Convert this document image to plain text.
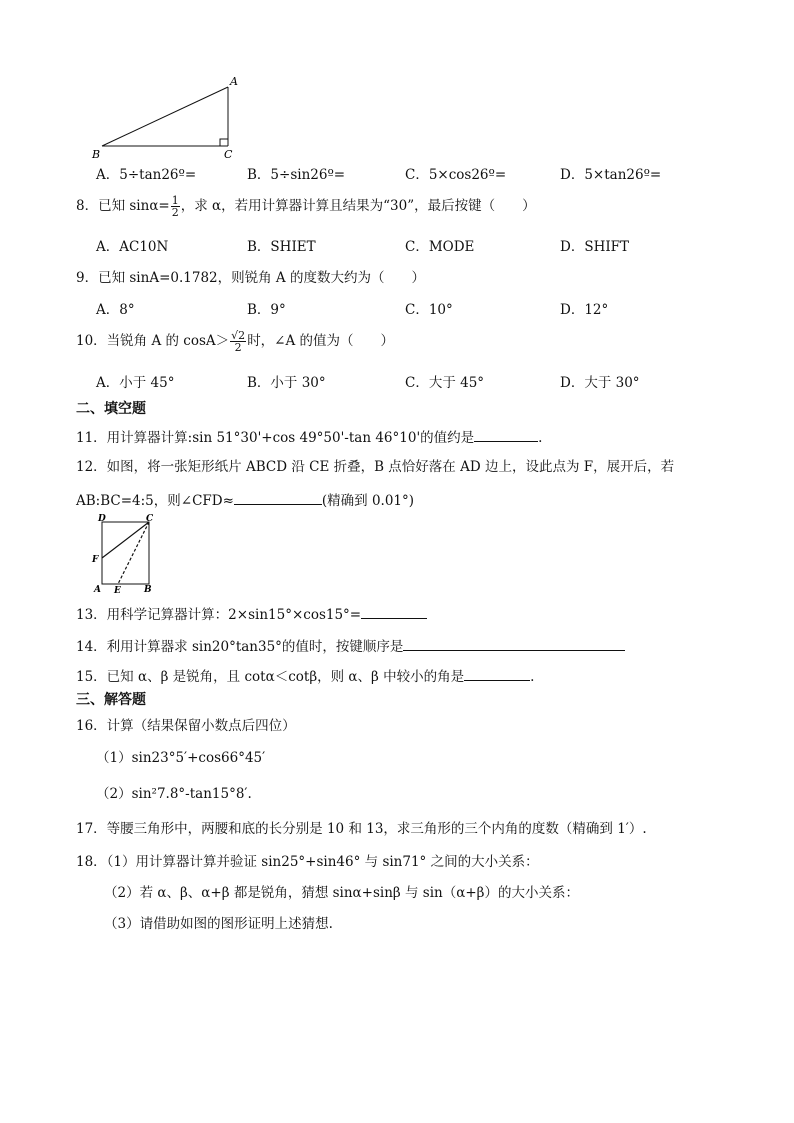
A
B	C
A．5÷tan26º=	B．5÷sin26º=	C．5×cos26º=	D．5×tan26º=
8．已知 $\sin\alpha= \frac{1}{2}$ ，求 α，若用计算器计算且结果为“30”，最后按键（　　）
A．AC10N	B．SHIET	C．MODE	D．SHIFT
9．已知 sinA=0.1782，则锐角 A 的度数大约为（　　）
A．8°	B．9°	C．10°	D．12°
10．当锐角 A 的 $\cos A> \frac{√2}{2}$ 时，∠A 的值为（　　）
A．小于 45°	B．小于 30°	C．大于 45°	D．大于 30°
二、填空题
11．用计算器计算:sin 51°30'+cos 49°50'-tan 46°10'的值约是	.
12．如图，将一张矩形纸片 ABCD 沿 CE 折叠，B 点恰好落在 AD 边上，设此点为 F，展开后，若
AB:BC=4:5，则∠CFD≈	(精确到 0.01°)
D	C
F
A E	B
13．用科学记算器计算：2×sin15°×cos15°=
14．利用计算器求 sin20°tan35°的值时，按键顺序是
15．已知 α、β 是锐角，且 cotα＜cotβ，则 α、β 中较小的角是	.
三、解答题
16．计算（结果保留小数点后四位）
（1）sin23°5′+cos66°45′
（2）sin²7.8°-tan15°8′.
17．等腰三角形中，两腰和底的长分别是 10 和 13，求三角形的三个内角的度数（精确到 1′）.
18．（1）用计算器计算并验证 sin25°+sin46° 与 sin71° 之间的大小关系：
（2）若 α、β、α+β 都是锐角，猜想 sinα+sinβ 与 sin（α+β）的大小关系：
（3）请借助如图的图形证明上述猜想.
